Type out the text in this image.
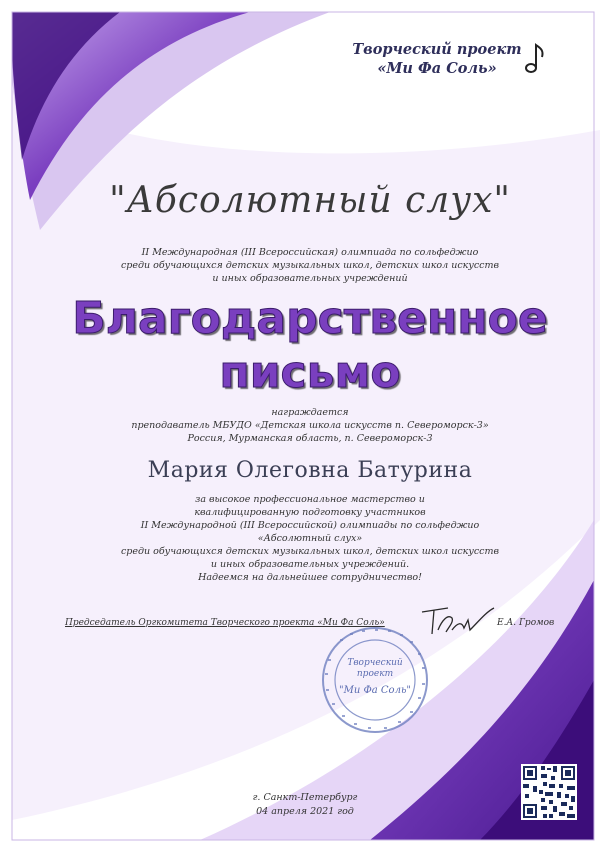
Творческий проект
«Ми Фа Соль»
"Абсолютный слух"
II Международная (III Всероссийская) олимпиада по сольфеджио
среди обучающихся детских музыкальных школ, детских школ искусств
и иных образовательных учреждений
Благодарственное
письмо
награждается
преподаватель МБУДО «Детская школа искусств п. Североморск-3»
Россия, Мурманская область, п. Североморск-3
Мария Олеговна Батурина
за высокое профессиональное мастерство и
квалифицированную подготовку участников
II Международной (III Всероссийской) олимпиады по сольфеджио
«Абсолютный слух»
среди обучающихся детских музыкальных школ, детских школ искусств
и иных образовательных учреждений.
Надеемся на дальнейшее сотрудничество!
Председатель Оргкомитета Творческого проекта «Ми Фа Соль»	Е.А. Громов
Творческий
проект
"Ми Фа Соль"
г. Санкт-Петербург
04 апреля 2021 год
